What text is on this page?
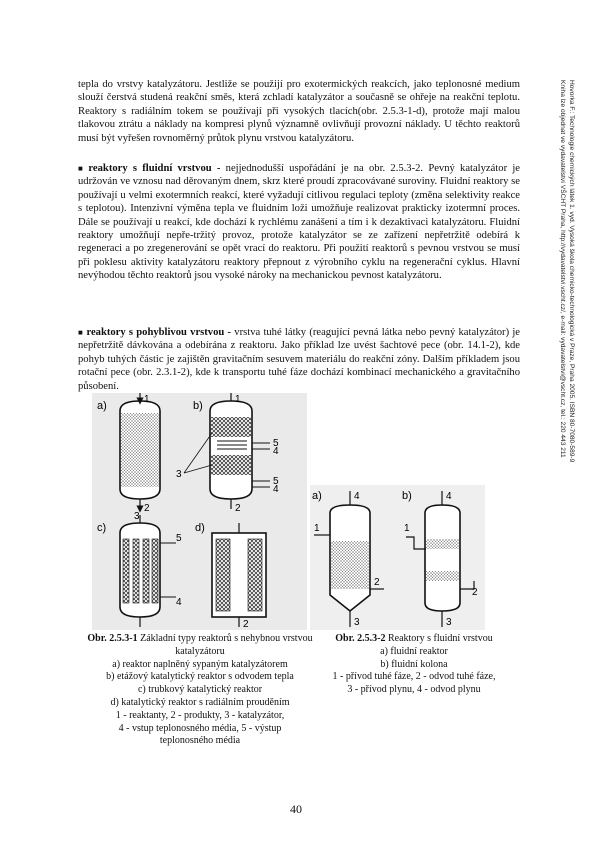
Hovorka F.: Technologie chemických látek 1. vyd. Vysoká škola chemicko-technologická v Praze, Praha 2005. ISBN 80-7080-589-9
Kniha lze objednat ve vydavatelství VŠCHT Praha, http://vydavatelstvi.vscht.cz/, e-mail: vydavatelstvi@vscht.cz, tel.: 220 443 211

tepla do vrstvy katalyzátoru. Jestliže se použijí pro exotermických reakcích, jako teplonosné medium slouží čerstvá studená reakční směs, která zchladí katalyzátor a současně se ohřeje na reakční teplotu. Reaktory s radiálním tokem se používají při vysokých tlacích(obr. 2.5.3-1-d), protože mají malou tlakovou ztrátu a náklady na kompresi plynů významně ovlivňují provozní náklady. U těchto reaktorů musí být vyřešen rovnoměrný průtok plynu vrstvou katalyzátoru.

■ reaktory s fluidní vrstvou - nejjednodušší uspořádání je na obr. 2.5.3-2. Pevný katalyzátor je udržován ve vznosu nad děrovaným dnem, skrz které proudí zpracovávané suroviny. Fluidní reaktory se používají u velmi exotermních reakcí, které vyžadují citlivou regulaci teploty (změna selektivity reakce s teplotou). Intenzivní výměna tepla ve fluidním loži umožňuje realizovat prakticky izotermní proces. Dále se používají u reakcí, kde dochází k rychlému zanášení a tím i k dezaktivaci katalyzátoru. Fluidní reaktory umožňují nepře-tržitý provoz, protože katalyzátor se ze zařízení nepřetržitě odebírá k regeneraci a po zregenerování se opět vrací do reaktoru. Při použití reaktorů s pevnou vrstvou se musí při poklesu aktivity katalyzátoru reaktory přepnout z výrobního cyklu na regenerační cyklus. Hlavní nevýhodou těchto reaktorů jsou vysoké nároky na mechanickou pevnost katalyzátoru.

■ reaktory s pohyblivou vrstvou - vrstva tuhé látky (reagující pevná látka nebo pevný katalyzátor) je nepřetržitě dávkována a odebírána z reaktoru. Jako příklad lze uvést šachtové pece (obr. 14.1-2), kde pohyb tuhých částic je zajištěn gravitačním sesuvem materiálu do reakční zóny. Dalším příkladem jsou rotační pece (obr. 2.3.1-2), kde k transportu tuhé fáze dochází kombinací mechanického a gravitačního působení.

a)
1
2
b)
1
2
3
5
4
5
4
c)
3
5
4
d)
2
a)	4
1
2
3
b)	4
1
2
3
Obr. 2.5.3-1 Základní typy reaktorů s nehybnou vrstvou katalyzátoru
a) reaktor naplněný sypaným katalyzátorem
b) etážový katalytický reaktor s odvodem tepla
c) trubkový katalytický reaktor
d) katalytický reaktor s radiálním prouděním
1 - reaktanty, 2 - produkty, 3 - katalyzátor,
4 - vstup teplonosného média, 5 - výstup
teplonosného média
Obr. 2.5.3-2 Reaktory s fluidní vrstvou
a) fluidní reaktor
b) fluidní kolona
1 - přívod tuhé fáze, 2 - odvod tuhé fáze,
3 - přívod plynu, 4 - odvod plynu
40
